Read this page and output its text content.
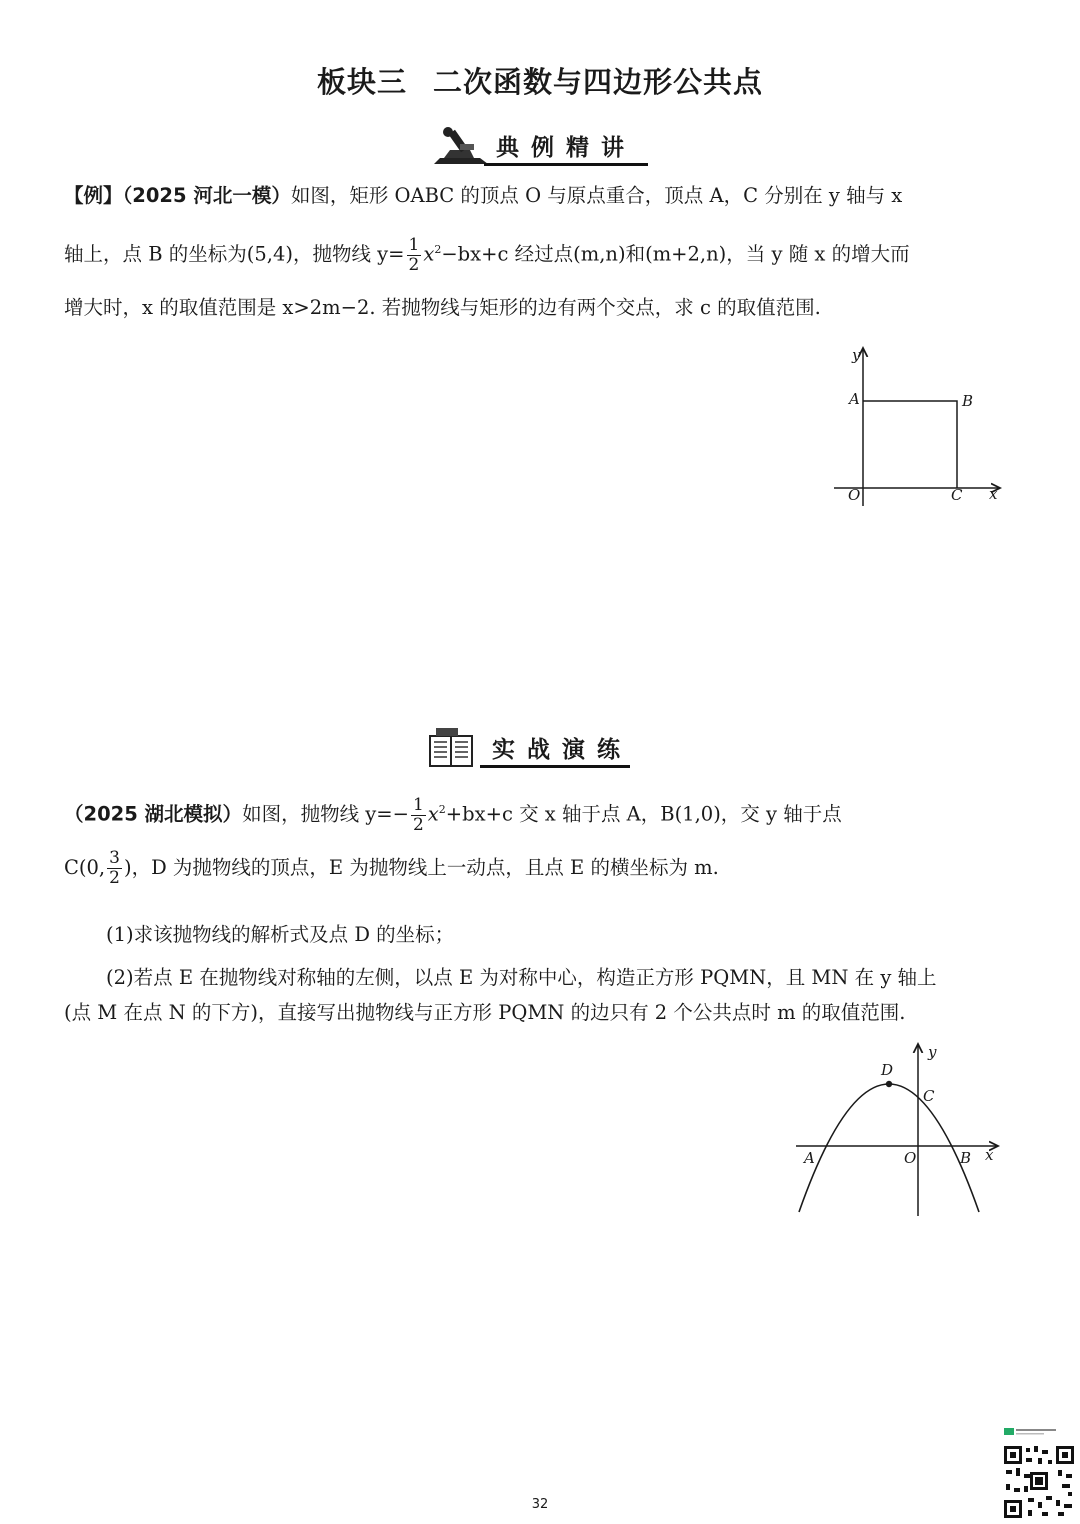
板块三 二次函数与四边形公共点
典例精讲
【例】（2025 河北一模）如图，矩形 OABC 的顶点 O 与原点重合，顶点 A，C 分别在 y 轴与 x
轴上，点 B 的坐标为(5,4)，抛物线 $y= \frac{1}{2} x^2-bx+c$ 经过点(m,n)和(m+2,n)，当 y 随 x 的增大而
增大时，x 的取值范围是 x>2m−2. 若抛物线与矩形的边有两个交点，求 c 的取值范围.
y
A	B
O	C x
实战演练
（2025 湖北模拟）如图，抛物线 $y=- \frac{1}{2} x^2+bx+c$ 交 x 轴于点 A，B(1,0)，交 y 轴于点
C(0, $\frac{3}{2}$ )，D 为抛物线的顶点，E 为抛物线上一动点，且点 E 的横坐标为 m.
(1)求该抛物线的解析式及点 D 的坐标；
(2)若点 E 在抛物线对称轴的左侧，以点 E 为对称中心，构造正方形 PQMN，且 MN 在 y 轴上
(点 M 在点 N 的下方)，直接写出抛物线与正方形 PQMN 的边只有 2 个公共点时 m 的取值范围.
y
D
C
A	O	B x
32
